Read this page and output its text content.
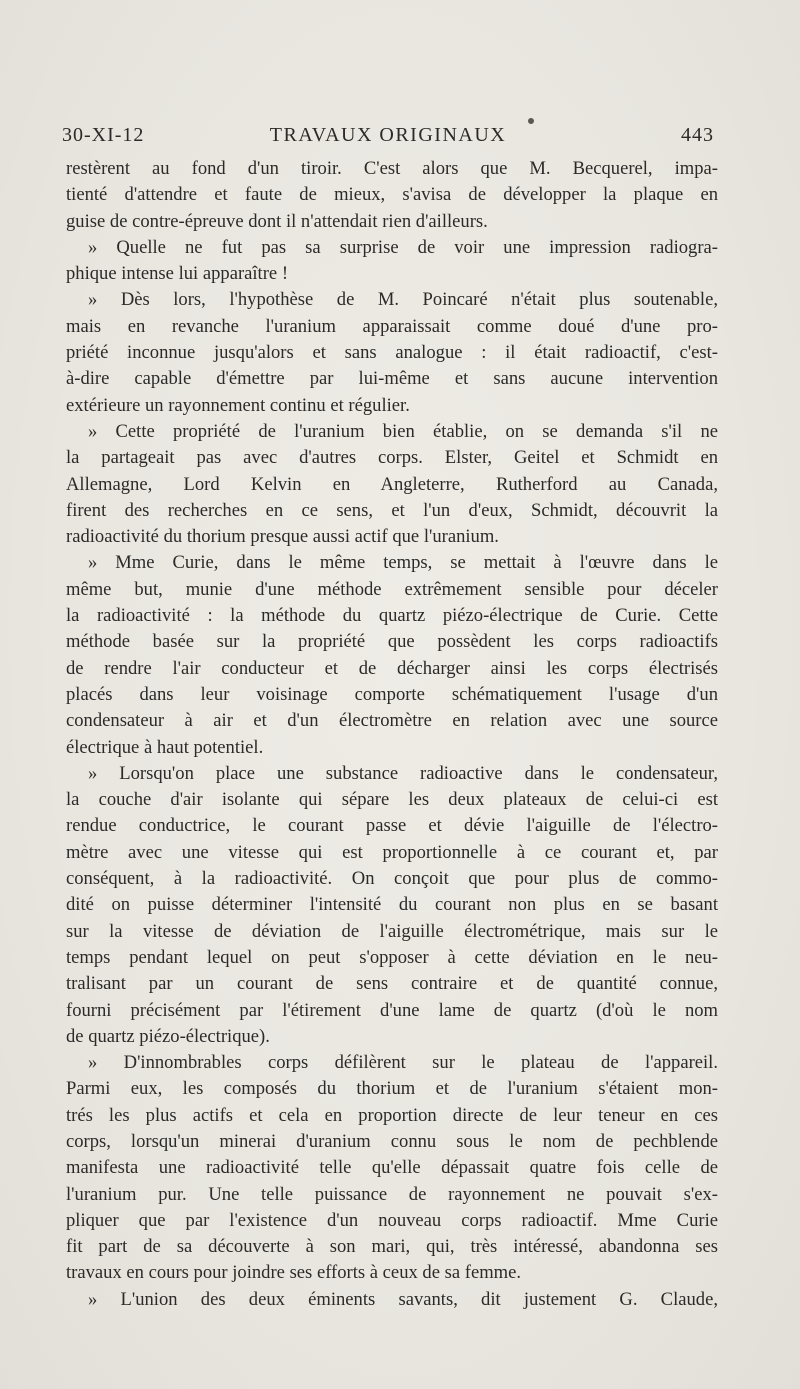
30-XI-12	TRAVAUX ORIGINAUX	443
restèrent au fond d'un tiroir. C'est alors que M. Becquerel, impa-
tienté d'attendre et faute de mieux, s'avisa de développer la plaque en
guise de contre-épreuve dont il n'attendait rien d'ailleurs.
» Quelle ne fut pas sa surprise de voir une impression radiogra-
phique intense lui apparaître !
» Dès lors, l'hypothèse de M. Poincaré n'était plus soutenable,
mais en revanche l'uranium apparaissait comme doué d'une pro-
priété inconnue jusqu'alors et sans analogue : il était radioactif, c'est-
à-dire capable d'émettre par lui-même et sans aucune intervention
extérieure un rayonnement continu et régulier.
» Cette propriété de l'uranium bien établie, on se demanda s'il ne
la partageait pas avec d'autres corps. Elster, Geitel et Schmidt en
Allemagne, Lord Kelvin en Angleterre, Rutherford au Canada,
firent des recherches en ce sens, et l'un d'eux, Schmidt, découvrit la
radioactivité du thorium presque aussi actif que l'uranium.
» Mme Curie, dans le même temps, se mettait à l'œuvre dans le
même but, munie d'une méthode extrêmement sensible pour déceler
la radioactivité : la méthode du quartz piézo-électrique de Curie. Cette
méthode basée sur la propriété que possèdent les corps radioactifs
de rendre l'air conducteur et de décharger ainsi les corps électrisés
placés dans leur voisinage comporte schématiquement l'usage d'un
condensateur à air et d'un électromètre en relation avec une source
électrique à haut potentiel.
» Lorsqu'on place une substance radioactive dans le condensateur,
la couche d'air isolante qui sépare les deux plateaux de celui-ci est
rendue conductrice, le courant passe et dévie l'aiguille de l'électro-
mètre avec une vitesse qui est proportionnelle à ce courant et, par
conséquent, à la radioactivité. On conçoit que pour plus de commo-
dité on puisse déterminer l'intensité du courant non plus en se basant
sur la vitesse de déviation de l'aiguille électrométrique, mais sur le
temps pendant lequel on peut s'opposer à cette déviation en le neu-
tralisant par un courant de sens contraire et de quantité connue,
fourni précisément par l'étirement d'une lame de quartz (d'où le nom
de quartz piézo-électrique).
» D'innombrables corps défilèrent sur le plateau de l'appareil.
Parmi eux, les composés du thorium et de l'uranium s'étaient mon-
trés les plus actifs et cela en proportion directe de leur teneur en ces
corps, lorsqu'un minerai d'uranium connu sous le nom de pechblende
manifesta une radioactivité telle qu'elle dépassait quatre fois celle de
l'uranium pur. Une telle puissance de rayonnement ne pouvait s'ex-
pliquer que par l'existence d'un nouveau corps radioactif. Mme Curie
fit part de sa découverte à son mari, qui, très intéressé, abandonna ses
travaux en cours pour joindre ses efforts à ceux de sa femme.
» L'union des deux éminents savants, dit justement G. Claude,
